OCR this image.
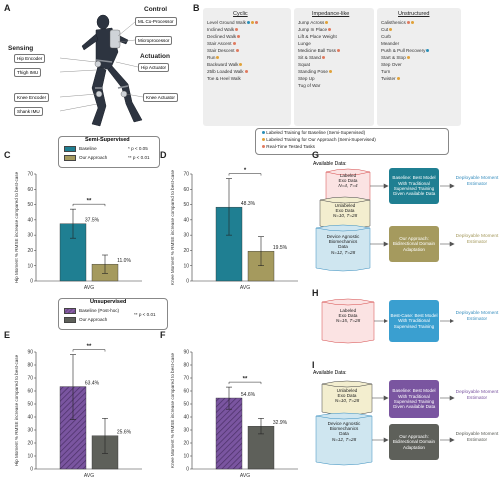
A	Control
ML Co-Processor
Microprocessor
Sensing
Hip Encoder
Thigh IMU
Knee Encoder
Shank IMU
Actuation
Hip Actuator
Knee Actuator
B
Cyclic	Impedance-like	Unstructured
Level Ground Walk
Inclined Walk
Declined Walk
Stair Ascent
Stair Descent
Run
Backward Walk
25lb Loaded Walk
Toe & Heel Walk
Jump Across
Jump In Place
Lift & Place Weight
Lunge
Medicine Ball Toss
Sit & Stand
Squat
Standing Pose
Step Up
Tug of War
Calisthenics
Cut
Curb
Meander
Push & Pull Recovery
Start & Stop
Step Over
Turn
Twister
Labeled Training for Baseline (Semi-Supervised)
Labeled Training for Our Approach (Semi-Supervised)
Real-Time Tested Tasks
Semi-Supervised
Baseline
Our Approach
* p < 0.05
** p < 0.01
Unsupervised
Baseline (Post-hoc)
Our Approach
** p < 0.01
C	D
E	F
0
10
20
30
40
50
60
70
Hip Moment % RMSE increase compared to best-case
AVG
37.5%
11.0%
**
0
10
20
30
40
50
60
70
Knee Moment % RMSE increase compared to best-case
AVG
48.3%
19.5%
*
0
10
20
30
40
50
60
70
80
90
Hip Moment % RMSE increase compared to best-case
AVG
63.4%
25.6%
**
0
10
20
30
40
50
60
70
80
90
Knee Moment % RMSE increase compared to best-case
AVG
54.6%
32.9%
**
G
Available Data:
Labeled
Exo Data
N=4, T=4
Unlabeled
Exo Data
N=10, T=28
Device Agnostic
Biomechanics
Data
N=12, T=28
Baseline: Best Model With Traditional Supervised Training Given Available Data
Our Approach: Bidirectional Domain Adaptation
Deployable Moment Estimator
Deployable Moment Estimator
H
Labeled
Exo Data
N=15, T=28
Best-Case: Best Model With Traditional Supervised Training
Deployable Moment Estimator
I
Available Data:
Unlabeled
Exo Data
N=10, T=28
Device Agnostic
Biomechanics
Data
N=12, T=28
Baseline: Best Model With Traditional Supervised Training Given Available Data
Our Approach: Bidirectional Domain Adaptation
Deployable Moment Estimator
Deployable Moment Estimator
